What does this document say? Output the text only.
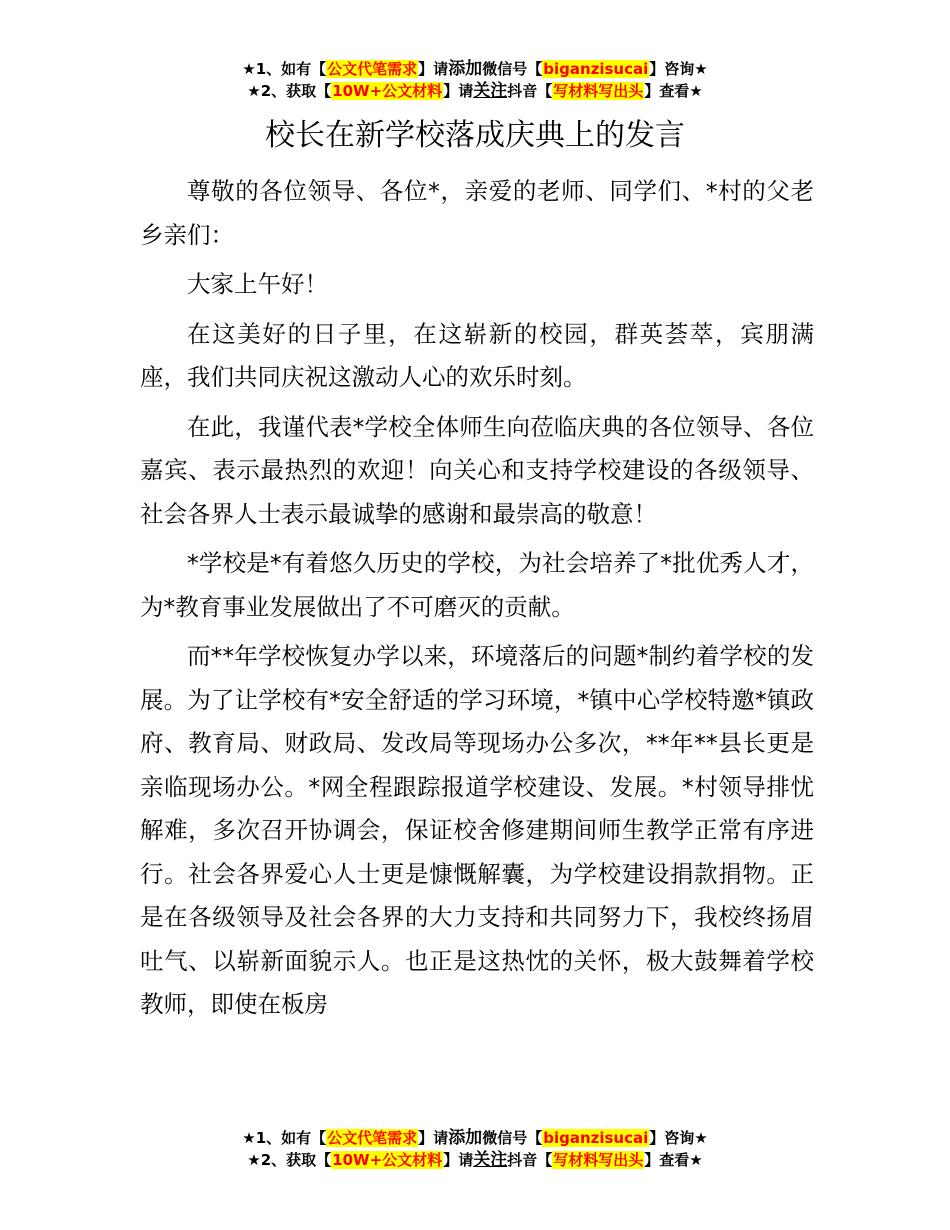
★1、如有【公文代笔需求】请添加微信号【biganzisucai】咨询★
★2、获取【10W+公文材料】请关注抖音【写材料写出头】查看★
校长在新学校落成庆典上的发言

尊敬的各位领导、各位*，亲爱的老师、同学们、*村的父老乡亲们：

大家上午好！

在这美好的日子里，在这崭新的校园，群英荟萃，宾朋满座，我们共同庆祝这激动人心的欢乐时刻。

在此，我谨代表*学校全体师生向莅临庆典的各位领导、各位嘉宾、表示最热烈的欢迎！向关心和支持学校建设的各级领导、社会各界人士表示最诚挚的感谢和最崇高的敬意！

*学校是*有着悠久历史的学校，为社会培养了*批优秀人才，为*教育事业发展做出了不可磨灭的贡献。

而**年学校恢复办学以来，环境落后的问题*制约着学校的发展。为了让学校有*安全舒适的学习环境，*镇中心学校特邀*镇政府、教育局、财政局、发改局等现场办公多次，**年**县长更是亲临现场办公。*网全程跟踪报道学校建设、发展。*村领导排忧解难，多次召开协调会，保证校舍修建期间师生教学正常有序进行。社会各界爱心人士更是慷慨解囊，为学校建设捐款捐物。正是在各级领导及社会各界的大力支持和共同努力下，我校终扬眉吐气、以崭新面貌示人。也正是这热忱的关怀，极大鼓舞着学校教师，即使在板房

★1、如有【公文代笔需求】请添加微信号【biganzisucai】咨询★
★2、获取【10W+公文材料】请关注抖音【写材料写出头】查看★
